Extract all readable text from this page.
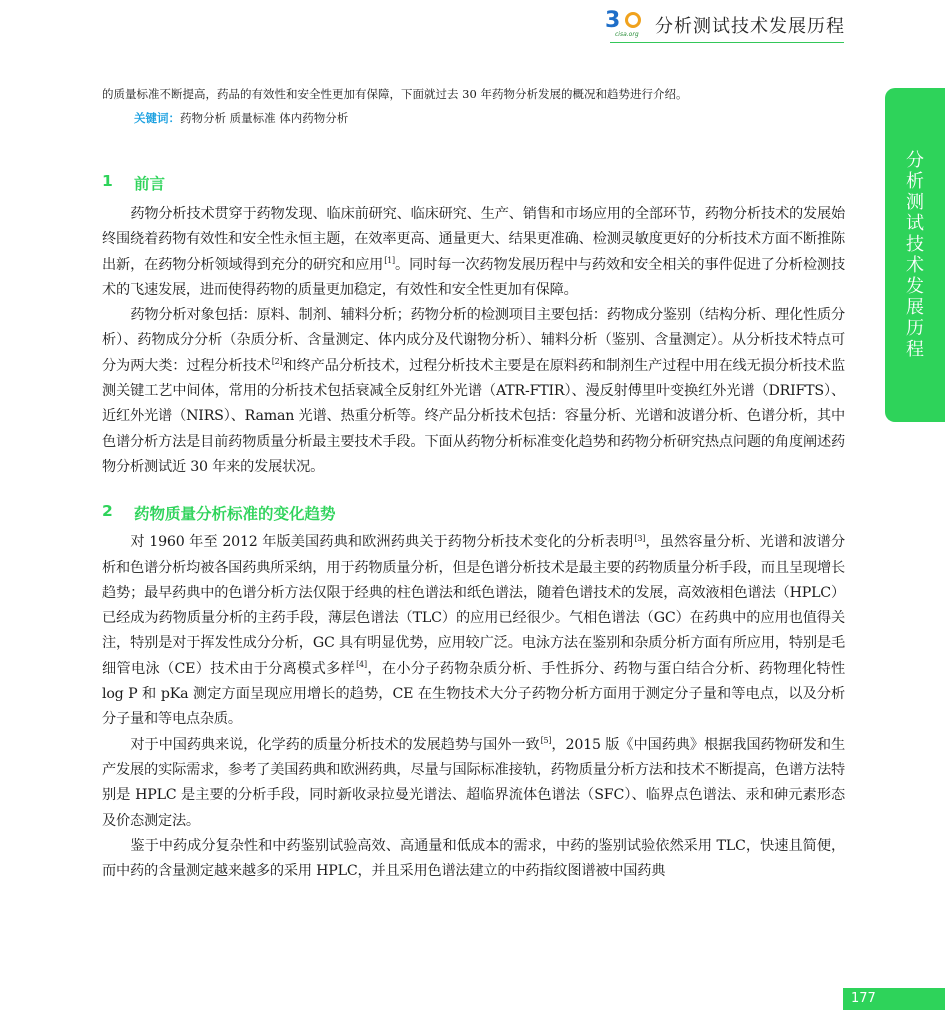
3
cisa.org 分析测试技术发展历程
分
析
测
试
技
术
发
展
历
程

的质量标准不断提高，药品的有效性和安全性更加有保障，下面就过去 30 年药物分析发展的概况和趋势进行介绍。

关键词：药物分析 质量标准 体内药物分析

1	前言

药物分析技术贯穿于药物发现、临床前研究、临床研究、生产、销售和市场应用的全部环节，药物分析技术的发展始终围绕着药物有效性和安全性永恒主题，在效率更高、通量更大、结果更准确、检测灵敏度更好的分析技术方面不断推陈出新，在药物分析领域得到充分的研究和应用[1]。同时每一次药物发展历程中与药效和安全相关的事件促进了分析检测技术的飞速发展，进而使得药物的质量更加稳定，有效性和安全性更加有保障。

药物分析对象包括：原料、制剂、辅料分析；药物分析的检测项目主要包括：药物成分鉴别（结构分析、理化性质分析）、药物成分分析（杂质分析、含量测定、体内成分及代谢物分析）、辅料分析（鉴别、含量测定）。从分析技术特点可分为两大类：过程分析技术[2]和终产品分析技术，过程分析技术主要是在原料药和制剂生产过程中用在线无损分析技术监测关键工艺中间体，常用的分析技术包括衰减全反射红外光谱（ATR-FTIR）、漫反射傅里叶变换红外光谱（DRIFTS）、近红外光谱（NIRS）、Raman 光谱、热重分析等。终产品分析技术包括：容量分析、光谱和波谱分析、色谱分析，其中色谱分析方法是目前药物质量分析最主要技术手段。下面从药物分析标准变化趋势和药物分析研究热点问题的角度阐述药物分析测试近 30 年来的发展状况。

2	药物质量分析标准的变化趋势

对 1960 年至 2012 年版美国药典和欧洲药典关于药物分析技术变化的分析表明[3]，虽然容量分析、光谱和波谱分析和色谱分析均被各国药典所采纳，用于药物质量分析，但是色谱分析技术是最主要的药物质量分析手段，而且呈现增长趋势；最早药典中的色谱分析方法仅限于经典的柱色谱法和纸色谱法，随着色谱技术的发展，高效液相色谱法（HPLC）已经成为药物质量分析的主药手段，薄层色谱法（TLC）的应用已经很少。气相色谱法（GC）在药典中的应用也值得关注，特别是对于挥发性成分分析，GC 具有明显优势，应用较广泛。电泳方法在鉴别和杂质分析方面有所应用，特别是毛细管电泳（CE）技术由于分离模式多样[4]，在小分子药物杂质分析、手性拆分、药物与蛋白结合分析、药物理化特性 log P 和 pKa 测定方面呈现应用增长的趋势，CE 在生物技术大分子药物分析方面用于测定分子量和等电点，以及分析分子量和等电点杂质。

对于中国药典来说，化学药的质量分析技术的发展趋势与国外一致[5]，2015 版《中国药典》根据我国药物研发和生产发展的实际需求，参考了美国药典和欧洲药典，尽量与国际标准接轨，药物质量分析方法和技术不断提高，色谱方法特别是 HPLC 是主要的分析手段，同时新收录拉曼光谱法、超临界流体色谱法（SFC）、临界点色谱法、汞和砷元素形态及价态测定法。

鉴于中药成分复杂性和中药鉴别试验高效、高通量和低成本的需求，中药的鉴别试验依然采用 TLC，快速且简便，而中药的含量测定越来越多的采用 HPLC，并且采用色谱法建立的中药指纹图谱被中国药典

177
